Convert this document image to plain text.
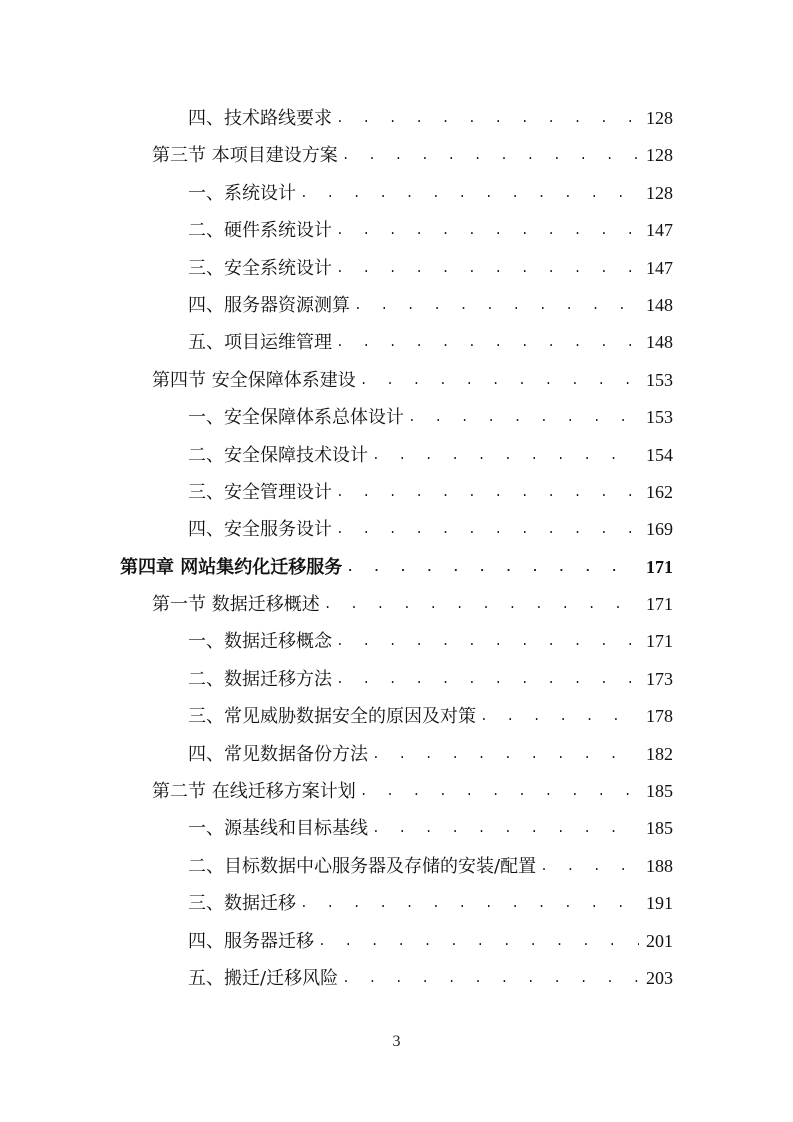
四、技术路线要求 . . .	128
第三节 本项目建设方案 . . .	128
一、系统设计 . . .	128
二、硬件系统设计 . . .	147
三、安全系统设计 . . .	147
四、服务器资源测算 . . .	148
五、项目运维管理 . . .	148
第四节 安全保障体系建设 . . .	153
一、安全保障体系总体设计 . . .	153
二、安全保障技术设计 . . .	154
三、安全管理设计 . . .	162
四、安全服务设计 . . .	169
第四章 网站集约化迁移服务 . . .	171
第一节 数据迁移概述 . . .	171
一、数据迁移概念 . . .	171
二、数据迁移方法 . . .	173
三、常见威胁数据安全的原因及对策 . . .	178
四、常见数据备份方法 . . .	182
第二节 在线迁移方案计划 . . .	185
一、源基线和目标基线 . . .	185
二、目标数据中心服务器及存储的安装/配置 . . .	188
三、数据迁移 . . .	191
四、服务器迁移 . . .	201
五、搬迁/迁移风险 . . .	203
3
